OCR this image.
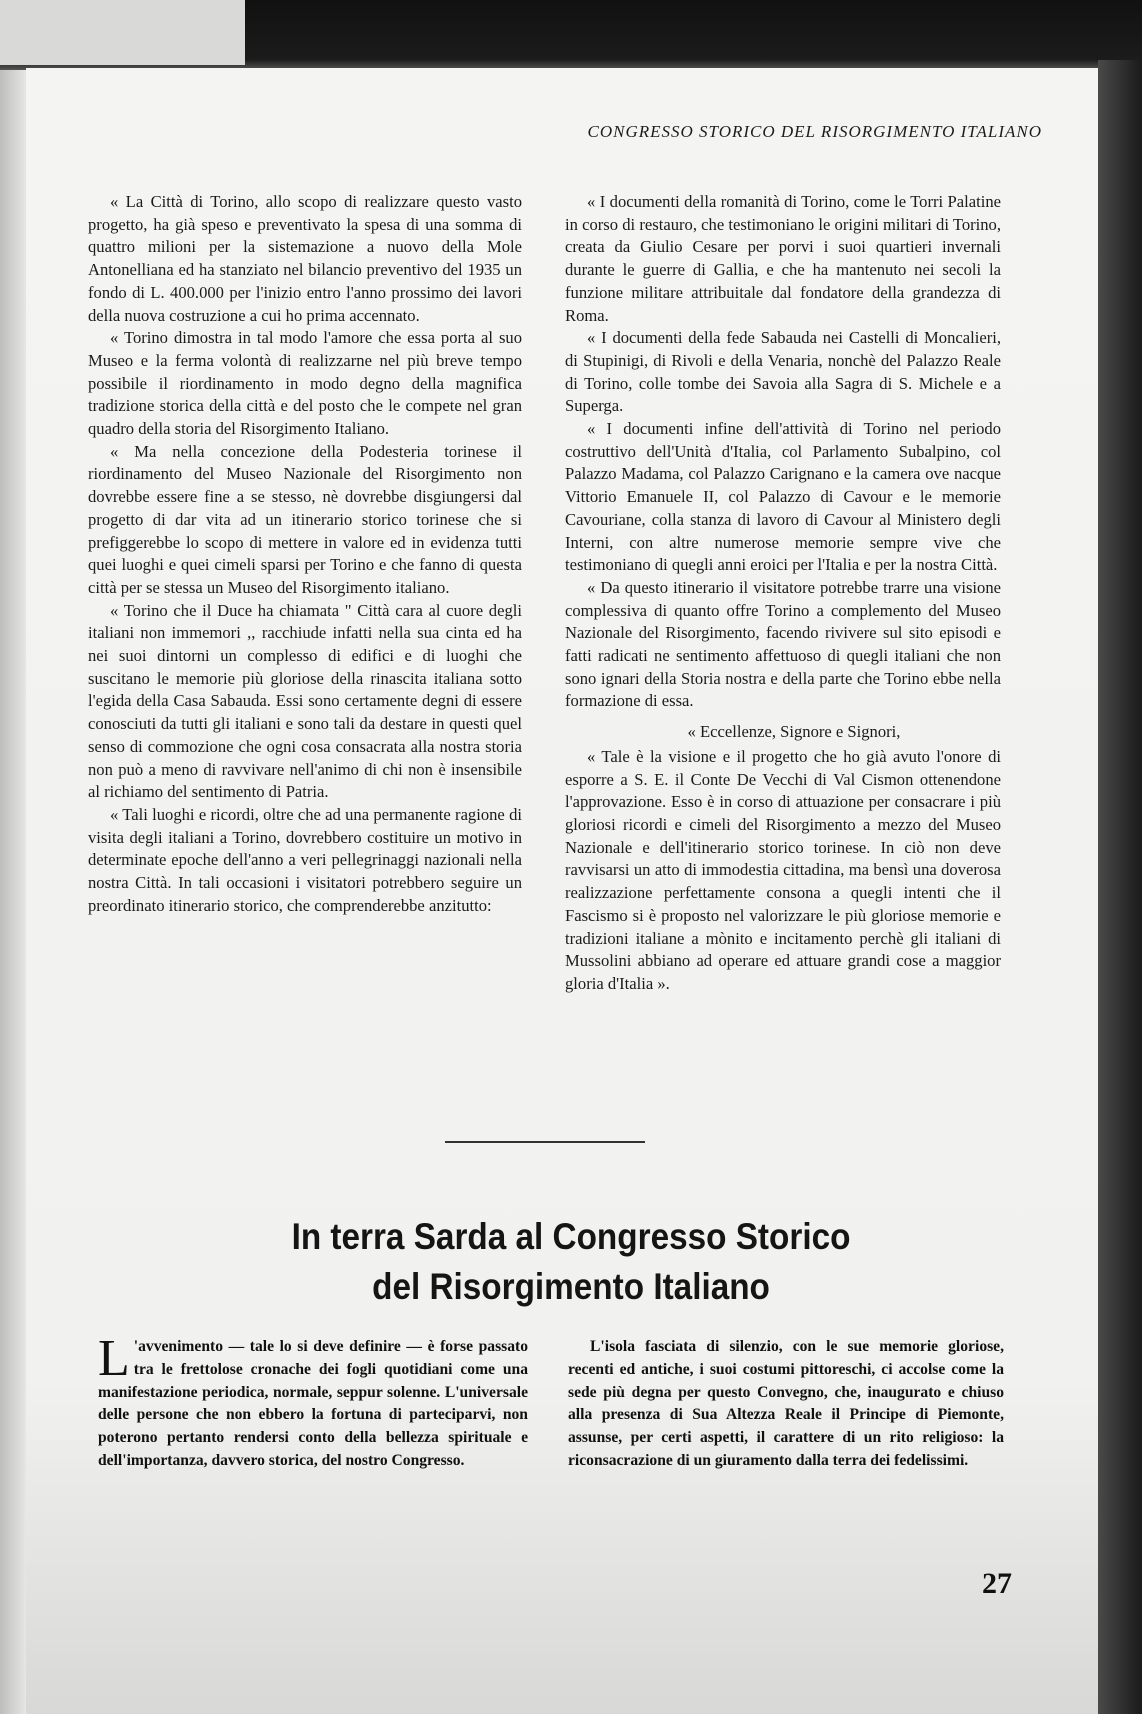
CONGRESSO STORICO DEL RISORGIMENTO ITALIANO

« La Città di Torino, allo scopo di realizzare questo vasto progetto, ha già speso e preventivato la spesa di una somma di quattro milioni per la sistemazione a nuovo della Mole Antonelliana ed ha stanziato nel bilancio preventivo del 1935 un fondo di L. 400.000 per l'inizio entro l'anno prossimo dei lavori della nuova costruzione a cui ho prima accennato.

« Torino dimostra in tal modo l'amore che essa porta al suo Museo e la ferma volontà di realizzarne nel più breve tempo possibile il riordinamento in modo degno della magnifica tradizione storica della città e del posto che le compete nel gran quadro della storia del Risorgimento Italiano.

« Ma nella concezione della Podesteria torinese il riordinamento del Museo Nazionale del Risorgimento non dovrebbe essere fine a se stesso, nè dovrebbe disgiungersi dal progetto di dar vita ad un itinerario storico torinese che si prefiggerebbe lo scopo di mettere in valore ed in evidenza tutti quei luoghi e quei cimeli sparsi per Torino e che fanno di questa città per se stessa un Museo del Risorgimento italiano.

« Torino che il Duce ha chiamata " Città cara al cuore degli italiani non immemori ,, racchiude infatti nella sua cinta ed ha nei suoi dintorni un complesso di edifici e di luoghi che suscitano le memorie più gloriose della rinascita italiana sotto l'egida della Casa Sabauda. Essi sono certamente degni di essere conosciuti da tutti gli italiani e sono tali da destare in questi quel senso di commozione che ogni cosa consacrata alla nostra storia non può a meno di ravvivare nell'animo di chi non è insensibile al richiamo del sentimento di Patria.

« Tali luoghi e ricordi, oltre che ad una permanente ragione di visita degli italiani a Torino, dovrebbero costituire un motivo in determinate epoche dell'anno a veri pellegrinaggi nazionali nella nostra Città. In tali occasioni i visitatori potrebbero seguire un preordinato itinerario storico, che comprenderebbe anzitutto:

« I documenti della romanità di Torino, come le Torri Palatine in corso di restauro, che testimoniano le origini militari di Torino, creata da Giulio Cesare per porvi i suoi quartieri invernali durante le guerre di Gallia, e che ha mantenuto nei secoli la funzione militare attribuitale dal fondatore della grandezza di Roma.

« I documenti della fede Sabauda nei Castelli di Moncalieri, di Stupinigi, di Rivoli e della Venaria, nonchè del Palazzo Reale di Torino, colle tombe dei Savoia alla Sagra di S. Michele e a Superga.

« I documenti infine dell'attività di Torino nel periodo costruttivo dell'Unità d'Italia, col Parlamento Subalpino, col Palazzo Madama, col Palazzo Carignano e la camera ove nacque Vittorio Emanuele II, col Palazzo di Cavour e le memorie Cavouriane, colla stanza di lavoro di Cavour al Ministero degli Interni, con altre numerose memorie sempre vive che testimoniano di quegli anni eroici per l'Italia e per la nostra Città.

« Da questo itinerario il visitatore potrebbe trarre una visione complessiva di quanto offre Torino a complemento del Museo Nazionale del Risorgimento, facendo rivivere sul sito episodi e fatti radicati ne sentimento affettuoso di quegli italiani che non sono ignari della Storia nostra e della parte che Torino ebbe nella formazione di essa.

« Eccellenze, Signore e Signori,

« Tale è la visione e il progetto che ho già avuto l'onore di esporre a S. E. il Conte De Vecchi di Val Cismon ottenendone l'approvazione. Esso è in corso di attuazione per consacrare i più gloriosi ricordi e cimeli del Risorgimento a mezzo del Museo Nazionale e dell'itinerario storico torinese. In ciò non deve ravvisarsi un atto di immodestia cittadina, ma bensì una doverosa realizzazione perfettamente consona a quegli intenti che il Fascismo si è proposto nel valorizzare le più gloriose memorie e tradizioni italiane a mònito e incitamento perchè gli italiani di Mussolini abbiano ad operare ed attuare grandi cose a maggior gloria d'Italia ».

In terra Sarda al Congresso Storico
del Risorgimento Italiano

L 'avvenimento — tale lo si deve definire — è forse passato tra le frettolose cronache dei fogli quotidiani come una manifestazione periodica, normale, seppur solenne. L'universale delle persone che non ebbero la fortuna di parteciparvi, non poterono pertanto rendersi conto della bellezza spirituale e dell'importanza, davvero storica, del nostro Congresso.

L'isola fasciata di silenzio, con le sue memorie gloriose, recenti ed antiche, i suoi costumi pittoreschi, ci accolse come la sede più degna per questo Convegno, che, inaugurato e chiuso alla presenza di Sua Altezza Reale il Principe di Piemonte, assunse, per certi aspetti, il carattere di un rito religioso: la riconsacrazione di un giuramento dalla terra dei fedelissimi.

27
